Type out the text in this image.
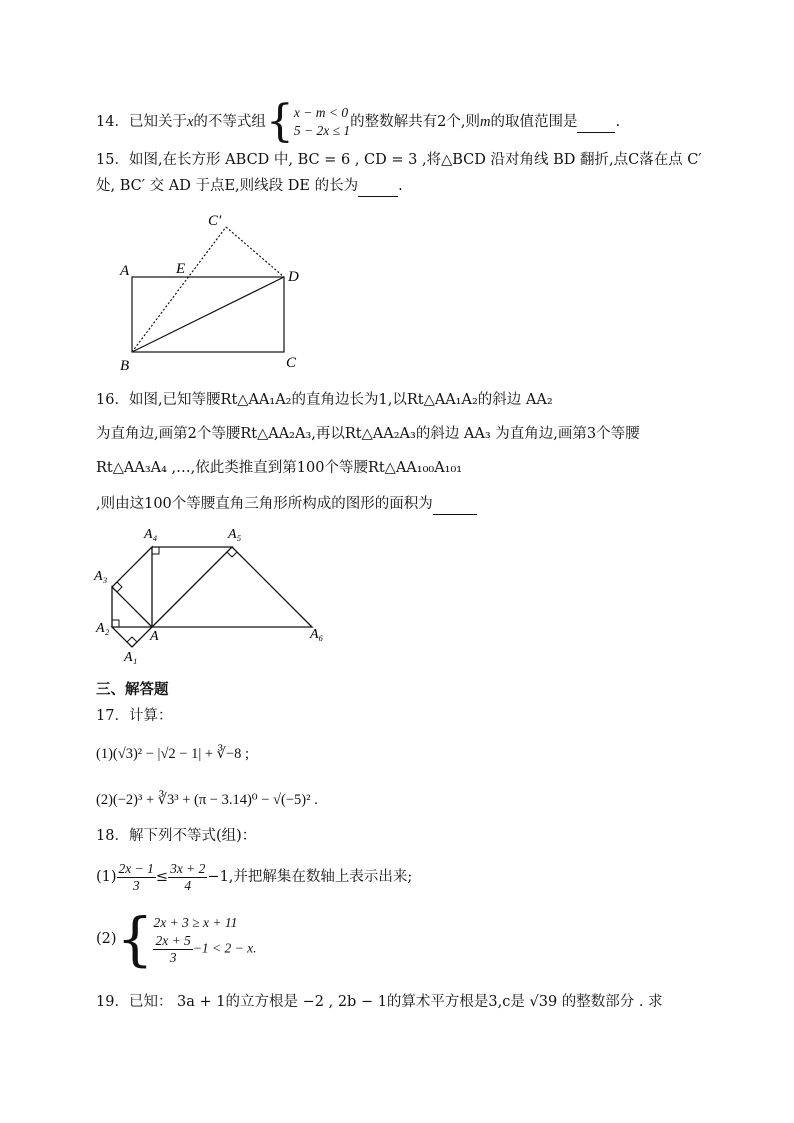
14．已知关于x的不等式组{ x − m < 0
5 − 2x ≤ 1
的整数解共有2个,则m的取值范围是	.
15．如图,在长方形 ABCD 中, BC = 6 , CD = 3 ,将△BCD 沿对角线 BD 翻折,点C落在点 C′
处, BC′ 交 AD 于点E,则线段 DE 的长为	.
A	E
C′
D
B	C
16．如图,已知等腰Rt△AA₁A₂的直角边长为1,以Rt△AA₁A₂的斜边 AA₂
为直角边,画第2个等腰Rt△AA₂A₃,再以Rt△AA₂A₃的斜边 AA₃ 为直角边,画第3个等腰
Rt△AA₃A₄ ,…,依此类推直到第100个等腰Rt△AA₁₀₀A₁₀₁
,则由这100个等腰直角三角形所构成的图形的面积为
A₄	A₅
A₃
A₂
A	A₆
A₁
三、解答题
17．计算：
(1)(√3)² − |√2 − 1| + ∛−8 ;
(2)(−2)³ + ∛3³ + (π − 3.14)⁰ − √(−5)² .
18．解下列不等式(组)：
$(1) \frac{2x - 1}{3} \le \frac{3x + 2}{4} -1$,并把解集在数轴上表示出来;
(2){ 2x + 3 ≥ x + 11
$\frac{2x + 5}{3} -1 < 2 - x$.
19．已知： 3a + 1的立方根是 −2 , 2b − 1的算术平方根是3,c是 √39 的整数部分 . 求
